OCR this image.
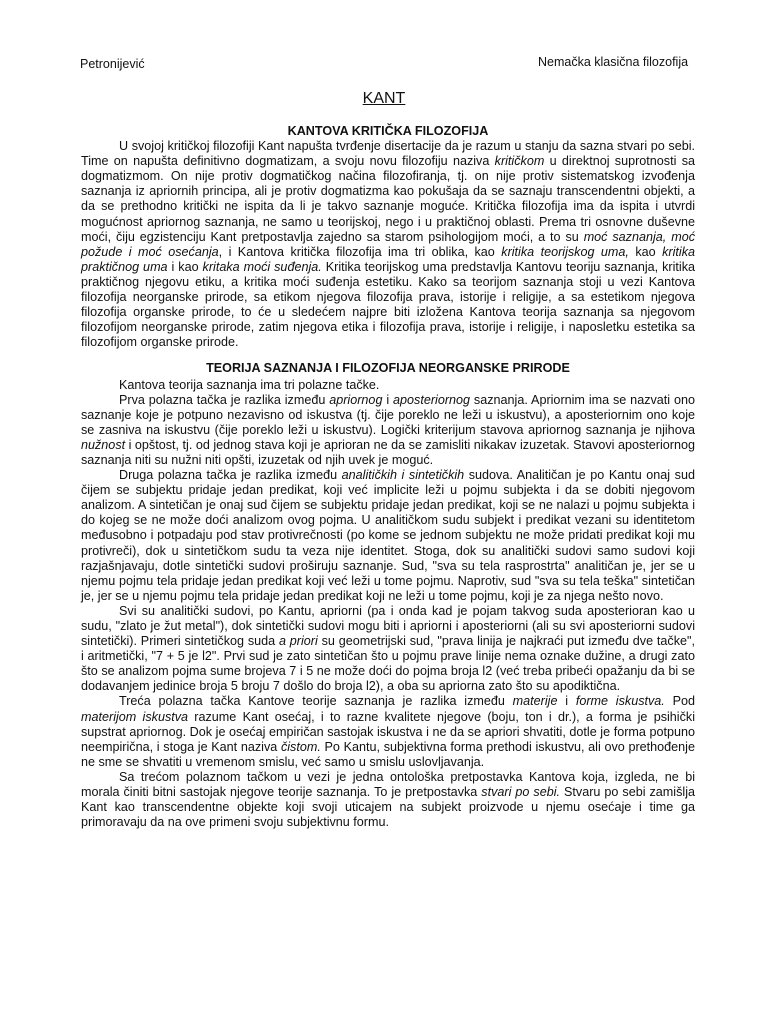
Petronijević	Nemačka klasična filozofija
KANT
KANTOVA KRITIČKA FILOZOFIJA

U svojoj kritičkoj filozofiji Kant napušta tvrđenje disertacije da je razum u stanju da sazna stvari po sebi. Time on napušta definitivno dogmatizam, a svoju novu filozofiju naziva kritičkom u direktnoj suprotnosti sa dogmatizmom. On nije protiv dogmatičkog načina filozofiranja, tj. on nije protiv sistematskog izvođenja saznanja iz apriornih principa, ali je protiv dogmatizma kao pokušaja da se saznaju transcendentni objekti, a da se prethodno kritički ne ispita da li je takvo saznanje moguće. Kritička filozofija ima da ispita i utvrdi mogućnost apriornog saznanja, ne samo u teorijskoj, nego i u praktičnoj oblasti. Prema tri osnovne duševne moći, čiju egzistenciju Kant pretpostavlja zajedno sa starom psihologijom moći, a to su moć saznanja, moć požude i moć osećanja, i Kantova kritička filozofija ima tri oblika, kao kritika teorijskog uma, kao kritika praktičnog uma i kao kritaka moći suđenja. Kritika teorijskog uma predstavlja Kantovu teoriju saznanja, kritika praktičnog njegovu etiku, a kritika moći suđenja estetiku. Kako sa teorijom saznanja stoji u vezi Kantova filozofija neorganske prirode, sa etikom njegova filozofija prava, istorije i religije, a sa estetikom njegova filozofija organske prirode, to će u sledećem najpre biti izložena Kantova teorija saznanja sa njegovom filozofijom neorganske prirode, zatim njegova etika i filozofija prava, istorije i religije, i naposletku estetika sa filozofijom organske prirode.

TEORIJA SAZNANJA I FILOZOFIJA NEORGANSKE PRIRODE

Kantova teorija saznanja ima tri polazne tačke.

Prva polazna tačka je razlika između apriornog i aposteriornog saznanja. Apriornim ima se nazvati ono saznanje koje je potpuno nezavisno od iskustva (tj. čije poreklo ne leži u iskustvu), a aposteriornim ono koje se zasniva na iskustvu (čije poreklo leži u iskustvu). Logički kriterijum stavova apriornog saznanja je njihova nužnost i opštost, tj. od jednog stava koji je aprioran ne da se zamisliti nikakav izuzetak. Stavovi aposteriornog saznanja niti su nužni niti opšti, izuzetak od njih uvek je moguć.

Druga polazna tačka je razlika između analitičkih i sintetičkih sudova. Analitičan je po Kantu onaj sud čijem se subjektu pridaje jedan predikat, koji već implicite leži u pojmu subjekta i da se dobiti njegovom analizom. A sintetičan je onaj sud čijem se subjektu pridaje jedan predikat, koji se ne nalazi u pojmu subjekta i do kojeg se ne može doći analizom ovog pojma. U analitičkom sudu subjekt i predikat vezani su identitetom međusobno i potpadaju pod stav protivrečnosti (po kome se jednom subjektu ne može pridati predikat koji mu protivreči), dok u sintetičkom sudu ta veza nije identitet. Stoga, dok su analitički sudovi samo sudovi koji razjašnjavaju, dotle sintetički sudovi proširuju saznanje. Sud, "sva su tela rasprostrta" analitičan je, jer se u njemu pojmu tela pridaje jedan predikat koji već leži u tome pojmu. Naprotiv, sud "sva su tela teška" sintetičan je, jer se u njemu pojmu tela pridaje jedan predikat koji ne leži u tome pojmu, koji je za njega nešto novo.

Svi su analitički sudovi, po Kantu, apriorni (pa i onda kad je pojam takvog suda aposterioran kao u sudu, "zlato je žut metal"), dok sintetički sudovi mogu biti i apriorni i aposteriorni (ali su svi aposteriorni sudovi sintetički). Primeri sintetičkog suda a priori su geometrijski sud, "prava linija je najkraći put između dve tačke", i aritmetički, "7 + 5 je l2". Prvi sud je zato sintetičan što u pojmu prave linije nema oznake dužine, a drugi zato što se analizom pojma sume brojeva 7 i 5 ne može doći do pojma broja l2 (već treba pribeći opažanju da bi se dodavanjem jedinice broja 5 broju 7 došlo do broja l2), a oba su apriorna zato što su apodiktična.

Treća polazna tačka Kantove teorije saznanja je razlika između materije i forme iskustva. Pod materijom iskustva razume Kant osećaj, i to razne kvalitete njegove (boju, ton i dr.), a forma je psihički supstrat apriornog. Dok je osećaj empiričan sastojak iskustva i ne da se apriori shvatiti, dotle je forma potpuno neempirična, i stoga je Kant naziva čistom. Po Kantu, subjektivna forma prethodi iskustvu, ali ovo prethođenje ne sme se shvatiti u vremenom smislu, već samo u smislu uslovljavanja.

Sa trećom polaznom tačkom u vezi je jedna ontološka pretpostavka Kantova koja, izgleda, ne bi morala činiti bitni sastojak njegove teorije saznanja. To je pretpostavka stvari po sebi. Stvaru po sebi zamišlja Kant kao transcendentne objekte koji svoji uticajem na subjekt proizvode u njemu osećaje i time ga primoravaju da na ove primeni svoju subjektivnu formu.
